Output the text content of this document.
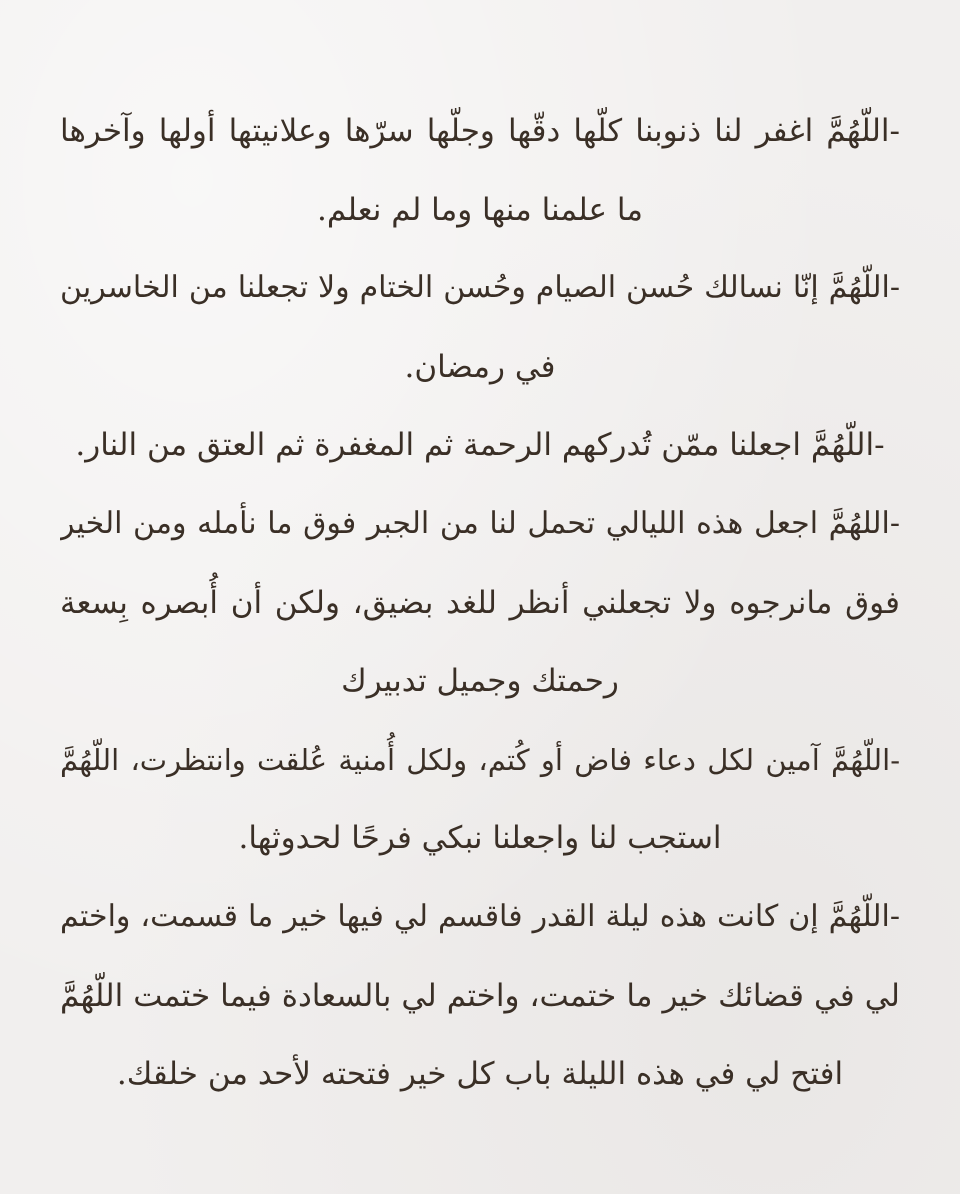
-اللّهُمَّ اغفر لنا ذنوبنا كلّها دقّها وجلّها سرّها وعلانيتها أولها وآخرها
ما علمنا منها وما لم نعلم.
-اللّهُمَّ إنّا نسالك حُسن الصيام وحُسن الختام ولا تجعلنا من الخاسرين
في رمضان.
-اللّهُمَّ اجعلنا ممّن تُدركهم الرحمة ثم المغفرة ثم العتق من النار.
-اللهُمَّ اجعل هذه الليالي تحمل لنا من الجبر فوق ما نأمله ومن الخير
فوق مانرجوه ولا تجعلني أنظر للغد بضيق، ولكن أن أُبصره بِسعة
رحمتك وجميل تدبيرك
-اللّهُمَّ آمين لكل دعاء فاض أو كُتم، ولكل أُمنية عُلقت وانتظرت، اللّهُمَّ
استجب لنا واجعلنا نبكي فرحًا لحدوثها.
-اللّهُمَّ إن كانت هذه ليلة القدر فاقسم لي فيها خير ما قسمت، واختم
لي في قضائك خير ما ختمت، واختم لي بالسعادة فيما ختمت اللّهُمَّ
افتح لي في هذه الليلة باب كل خير فتحته لأحد من خلقك.
